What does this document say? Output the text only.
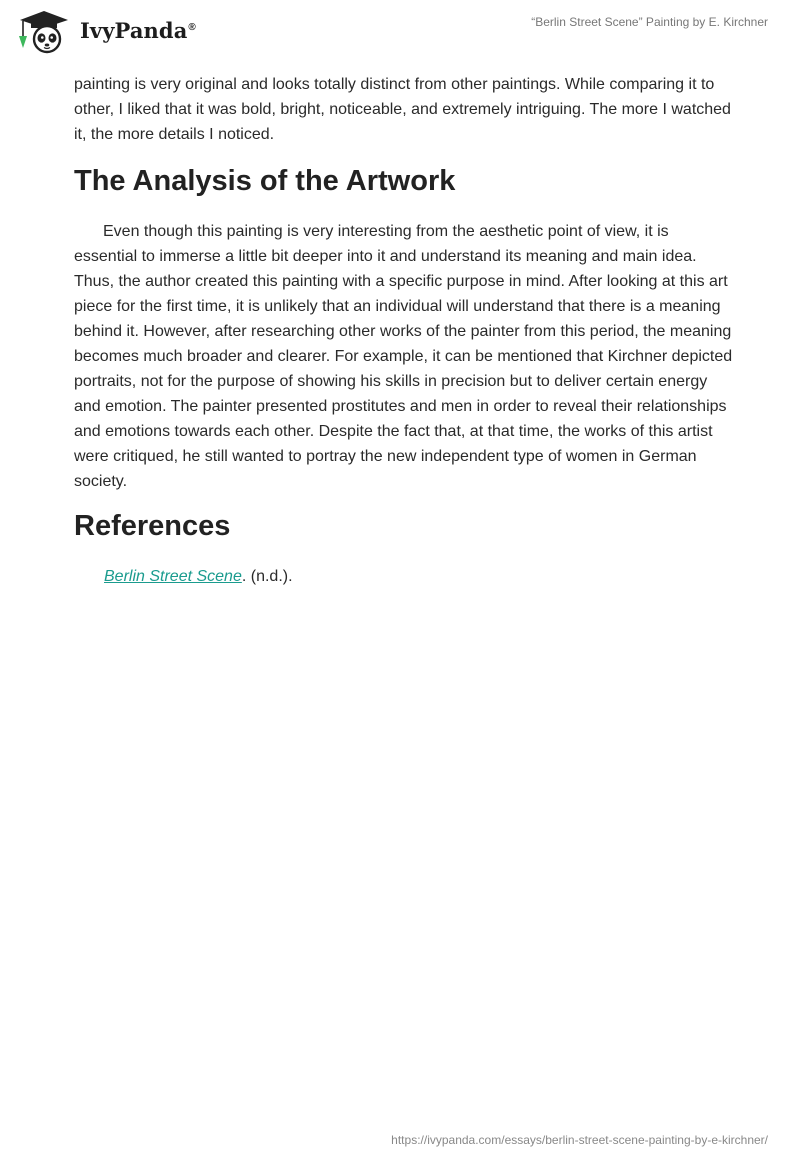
IvyPanda®	“Berlin Street Scene” Painting by E. Kirchner

painting is very original and looks totally distinct from other paintings. While comparing it to other, I liked that it was bold, bright, noticeable, and extremely intriguing. The more I watched it, the more details I noticed.

The Analysis of the Artwork

Even though this painting is very interesting from the aesthetic point of view, it is essential to immerse a little bit deeper into it and understand its meaning and main idea. Thus, the author created this painting with a specific purpose in mind. After looking at this art piece for the first time, it is unlikely that an individual will understand that there is a meaning behind it. However, after researching other works of the painter from this period, the meaning becomes much broader and clearer. For example, it can be mentioned that Kirchner depicted portraits, not for the purpose of showing his skills in precision but to deliver certain energy and emotion. The painter presented prostitutes and men in order to reveal their relationships and emotions towards each other. Despite the fact that, at that time, the works of this artist were critiqued, he still wanted to portray the new independent type of women in German society.

References

Berlin Street Scene. (n.d.).

https://ivypanda.com/essays/berlin-street-scene-painting-by-e-kirchner/
